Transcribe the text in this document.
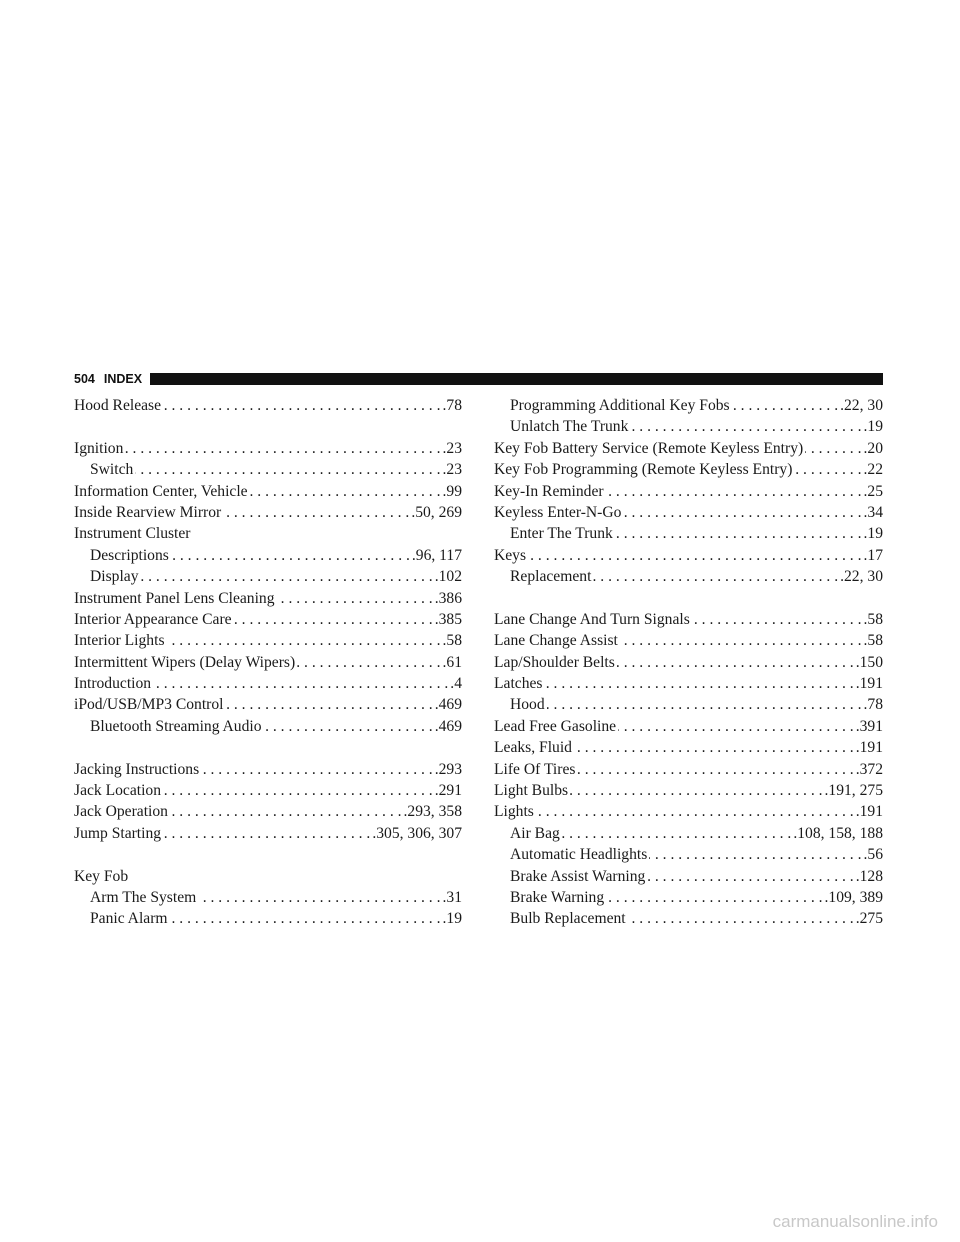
504 INDEX
Hood Release . . .	.78
Ignition . . .	.23
Switch . . .	.23
Information Center, Vehicle . . .	.99
Inside Rearview Mirror . . .	.50, 269
Instrument Cluster
Descriptions . . .	.96, 117
Display . . .	.102
Instrument Panel Lens Cleaning . . .	.386
Interior Appearance Care . . .	.385
Interior Lights . . .	.58
Intermittent Wipers (Delay Wipers) . . .	.61
Introduction . . .	.4
iPod/USB/MP3 Control . . .	.469
Bluetooth Streaming Audio . . .	.469
Jacking Instructions . . .	.293
Jack Location . . .	.291
Jack Operation . . .	.293, 358
Jump Starting . . .	.305, 306, 307
Key Fob
Arm The System . . .	.31
Panic Alarm . . .	.19
Programming Additional Key Fobs . . .	.22, 30
Unlatch The Trunk . . .	.19
Key Fob Battery Service (Remote Keyless Entry) . . .	.20
Key Fob Programming (Remote Keyless Entry) . . .	.22
Key-In Reminder . . .	.25
Keyless Enter-N-Go . . .	.34
Enter The Trunk . . .	.19
Keys . . .	.17
Replacement . . .	.22, 30
Lane Change And Turn Signals . . .	.58
Lane Change Assist . . .	.58
Lap/Shoulder Belts . . .	.150
Latches . . .	.191
Hood . . .	.78
Lead Free Gasoline . . .	.391
Leaks, Fluid . . .	.191
Life Of Tires . . .	.372
Light Bulbs . . .	.191, 275
Lights . . .	.191
Air Bag . . .	.108, 158, 188
Automatic Headlights . . .	.56
Brake Assist Warning . . .	.128
Brake Warning . . .	.109, 389
Bulb Replacement . . .	.275
carmanualsonline.info
